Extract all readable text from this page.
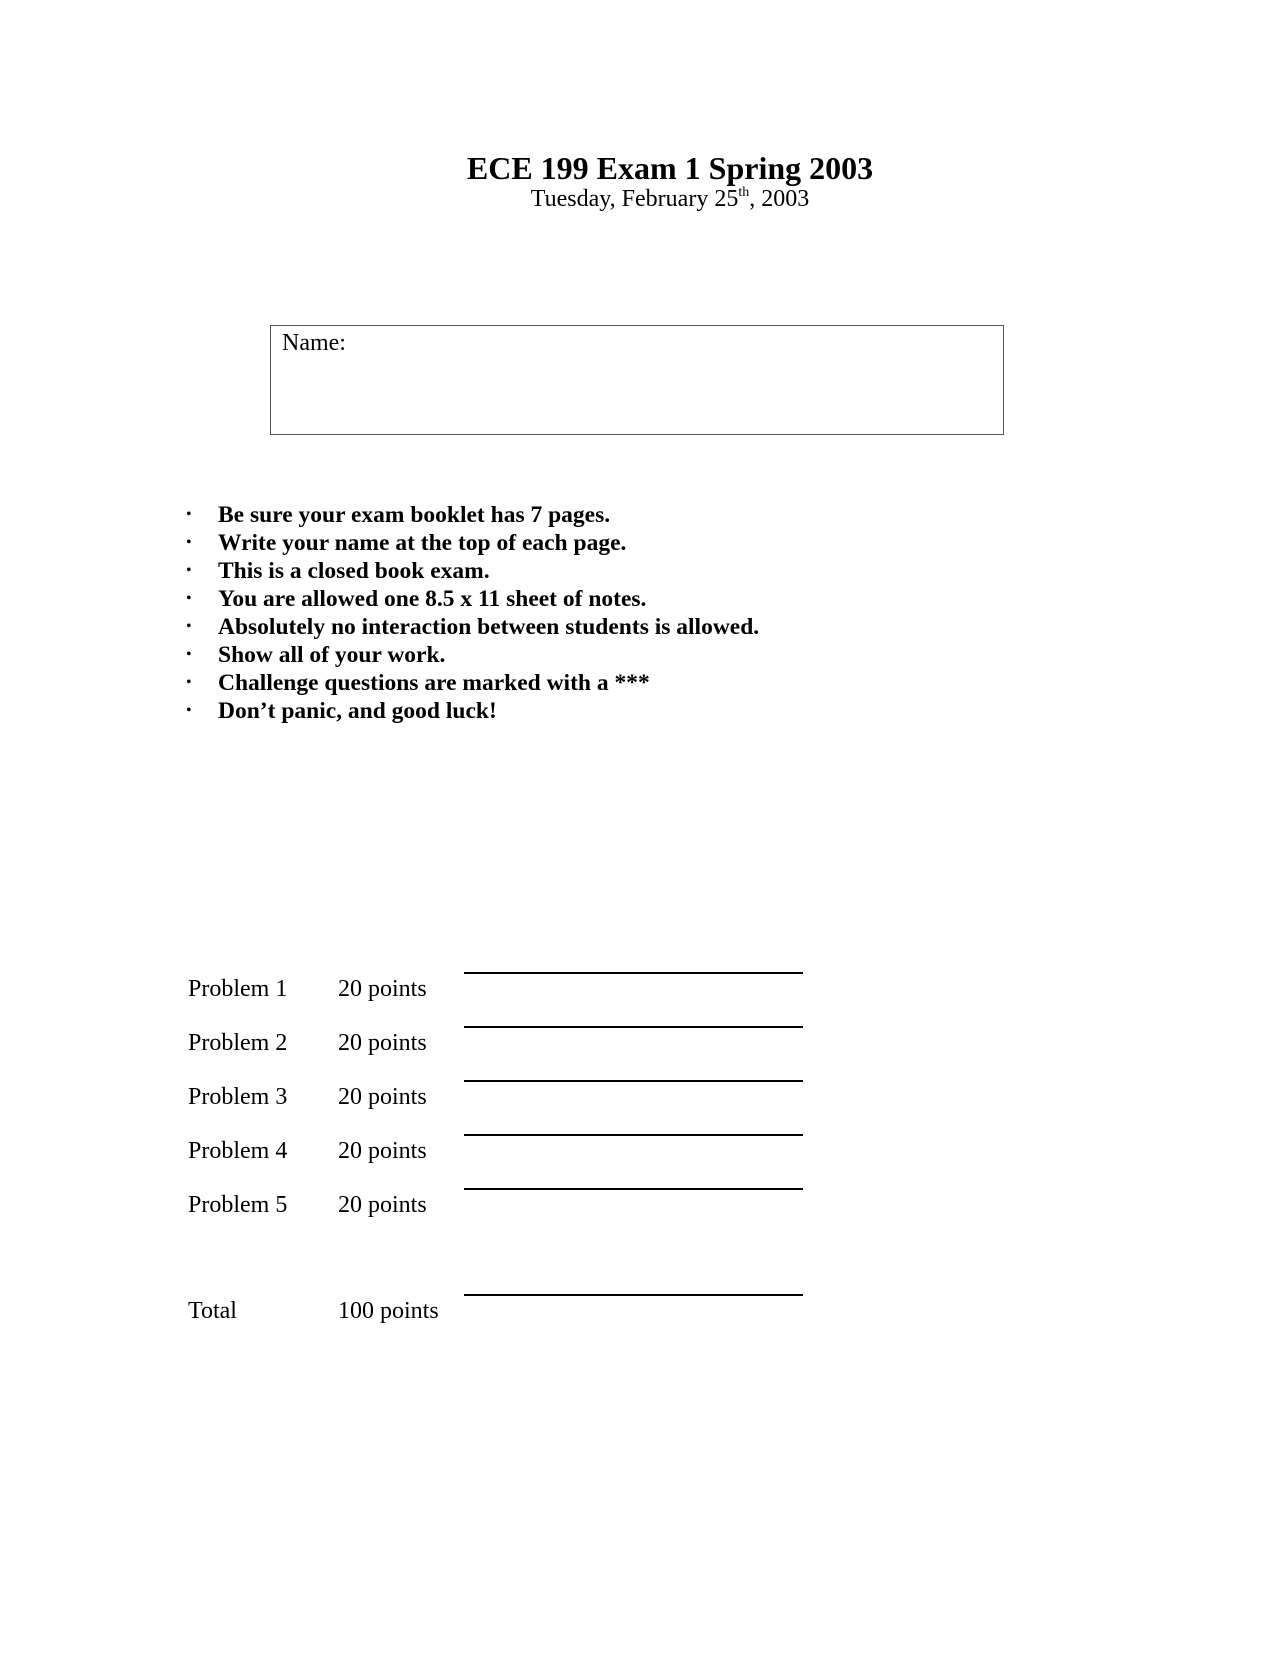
ECE 199 Exam 1 Spring 2003
Tuesday, February 25th, 2003
Name:
• Be sure your exam booklet has 7 pages.
• Write your name at the top of each page.
• This is a closed book exam.
• You are allowed one 8.5 x 11 sheet of notes.
• Absolutely no interaction between students is allowed.
• Show all of your work.
• Challenge questions are marked with a ***
• Don’t panic, and good luck!
Problem 1 20 points
Problem 2 20 points
Problem 3 20 points
Problem 4 20 points
Problem 5 20 points
Total	100 points
